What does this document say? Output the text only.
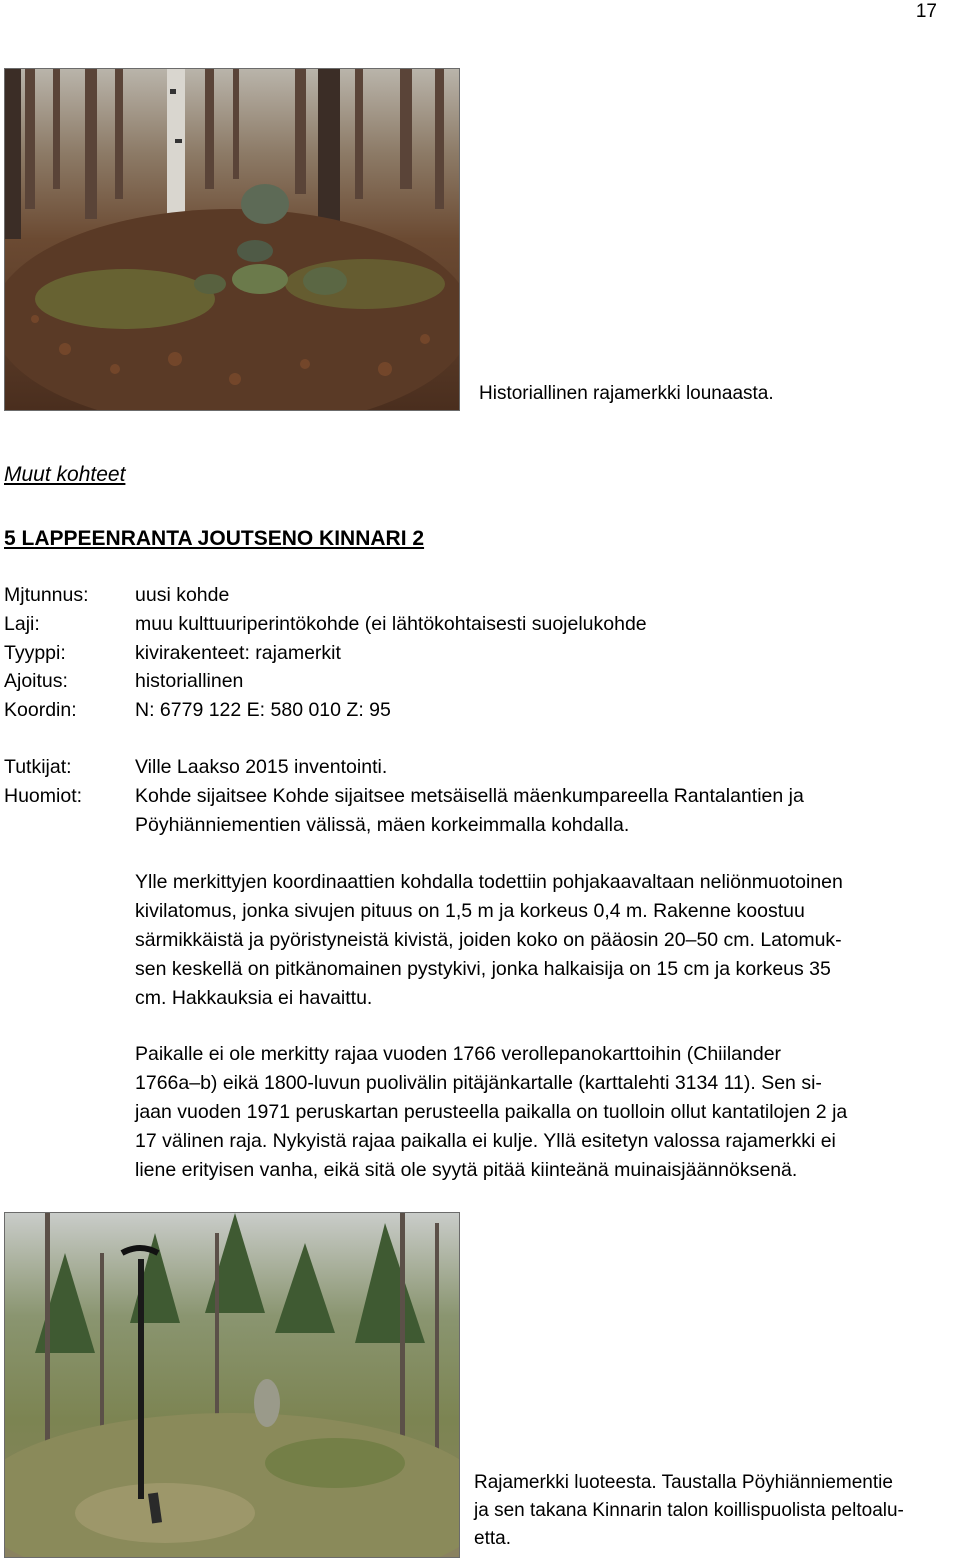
17
Historiallinen rajamerkki lounaasta.
Muut kohteet
5 LAPPEENRANTA JOUTSENO KINNARI 2
Mjtunnus:	uusi kohde
Laji:	muu kulttuuriperintökohde (ei lähtökohtaisesti suojelukohde
Tyyppi:	kivirakenteet: rajamerkit
Ajoitus:	historiallinen
Koordin:	N: 6779 122 E: 580 010 Z: 95
Tutkijat:	Ville Laakso 2015 inventointi.
Huomiot:	Kohde sijaitsee Kohde sijaitsee metsäisellä mäenkumpareella Rantalantien ja
Pöyhiänniementien välissä, mäen korkeimmalla kohdalla.
Ylle merkittyjen koordinaattien kohdalla todettiin pohjakaavaltaan neliönmuotoinen
kivilatomus, jonka sivujen pituus on 1,5 m ja korkeus 0,4 m. Rakenne koostuu
särmikkäistä ja pyöristyneistä kivistä, joiden koko on pääosin 20–50 cm. Latomuk-
sen keskellä on pitkänomainen pystykivi, jonka halkaisija on 15 cm ja korkeus 35
cm. Hakkauksia ei havaittu.
Paikalle ei ole merkitty rajaa vuoden 1766 verollepanokarttoihin (Chiilander
1766a–b) eikä 1800-luvun puolivälin pitäjänkartalle (karttalehti 3134 11). Sen si-
jaan vuoden 1971 peruskartan perusteella paikalla on tuolloin ollut kantatilojen 2 ja
17 välinen raja. Nykyistä rajaa paikalla ei kulje. Yllä esitetyn valossa rajamerkki ei
liene erityisen vanha, eikä sitä ole syytä pitää kiinteänä muinaisjäännöksenä.
Rajamerkki luoteesta. Taustalla Pöyhiänniementie
ja sen takana Kinnarin talon koillispuolista peltoalu-
etta.
